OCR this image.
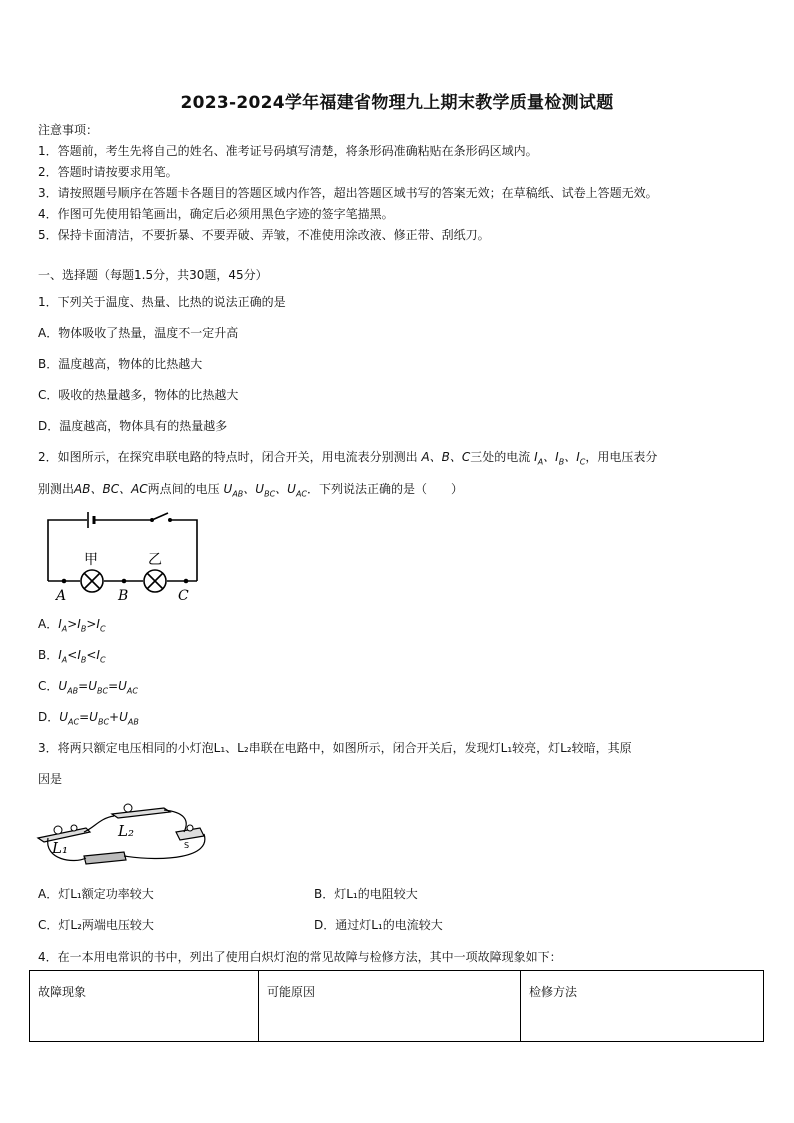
2023-2024学年福建省物理九上期末教学质量检测试题
注意事项：
1．答题前，考生先将自己的姓名、准考证号码填写清楚，将条形码准确粘贴在条形码区域内。
2．答题时请按要求用笔。
3．请按照题号顺序在答题卡各题目的答题区域内作答，超出答题区域书写的答案无效；在草稿纸、试卷上答题无效。
4．作图可先使用铅笔画出，确定后必须用黑色字迹的签字笔描黑。
5．保持卡面清洁，不要折暴、不要弄破、弄皱，不准使用涂改液、修正带、刮纸刀。
一、选择题（每题1.5分，共30题，45分）
1．下列关于温度、热量、比热的说法正确的是
A．物体吸收了热量，温度不一定升高
B．温度越高，物体的比热越大
C．吸收的热量越多，物体的比热越大
D．温度越高，物体具有的热量越多
2．如图所示，在探究串联电路的特点时，闭合开关，用电流表分别测出 A、B、C三处的电流 $I_A$、$I_B$、$I_C$，用电压表分
别测出AB、BC、AC两点间的电压 $U_{AB}$、$U_{BC}$、$U_{AC}$．下列说法正确的是（　　）
甲	乙
A	B	C
A．$I_A>I_B>I_C$
B．$I_A<I_B<I_C$
C．$U_{AB}=U_{BC}=U_{AC}$
D．$U_{AC}=U_{BC}+U_{AB}$
3．将两只额定电压相同的小灯泡L₁、L₂串联在电路中，如图所示，闭合开关后，发现灯L₁较亮，灯L₂较暗，其原
因是
L₁
L₂
S
A．灯L₁额定功率较大	B．灯L₁的电阻较大
C．灯L₂两端电压较大	D．通过灯L₁的电流较大
4．在一本用电常识的书中，列出了使用白炽灯泡的常见故障与检修方法，其中一项故障现象如下：
故障现象	可能原因	检修方法
